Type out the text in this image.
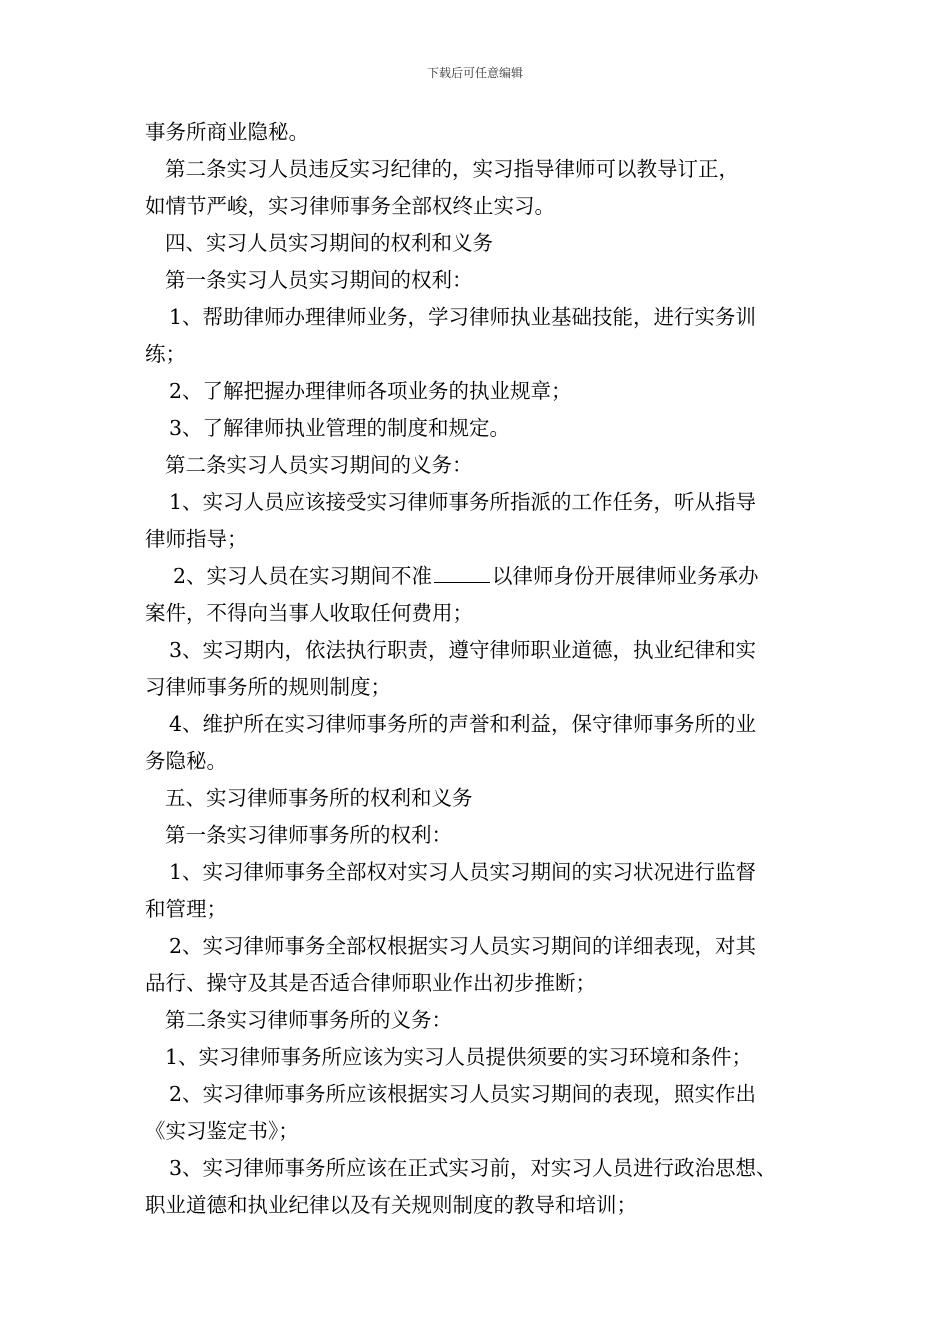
下载后可任意编辑
事务所商业隐秘。
第二条实习人员违反实习纪律的，实习指导律师可以教导订正，
如情节严峻，实习律师事务全部权终止实习。
四、实习人员实习期间的权利和义务
第一条实习人员实习期间的权利：
1、帮助律师办理律师业务，学习律师执业基础技能，进行实务训
练；
2、了解把握办理律师各项业务的执业规章；
3、了解律师执业管理的制度和规定。
第二条实习人员实习期间的义务：
1、实习人员应该接受实习律师事务所指派的工作任务，听从指导
律师指导；
2、实习人员在实习期间不准	以律师身份开展律师业务承办
案件，不得向当事人收取任何费用；
3、实习期内，依法执行职责，遵守律师职业道德，执业纪律和实
习律师事务所的规则制度；
4、维护所在实习律师事务所的声誉和利益，保守律师事务所的业
务隐秘。
五、实习律师事务所的权利和义务
第一条实习律师事务所的权利：
1、实习律师事务全部权对实习人员实习期间的实习状况进行监督
和管理；
2、实习律师事务全部权根据实习人员实习期间的详细表现，对其
品行、操守及其是否适合律师职业作出初步推断；
第二条实习律师事务所的义务：
1、实习律师事务所应该为实习人员提供须要的实习环境和条件；
2、实习律师事务所应该根据实习人员实习期间的表现，照实作出
《实习鉴定书》；
3、实习律师事务所应该在正式实习前，对实习人员进行政治思想、
职业道德和执业纪律以及有关规则制度的教导和培训；
